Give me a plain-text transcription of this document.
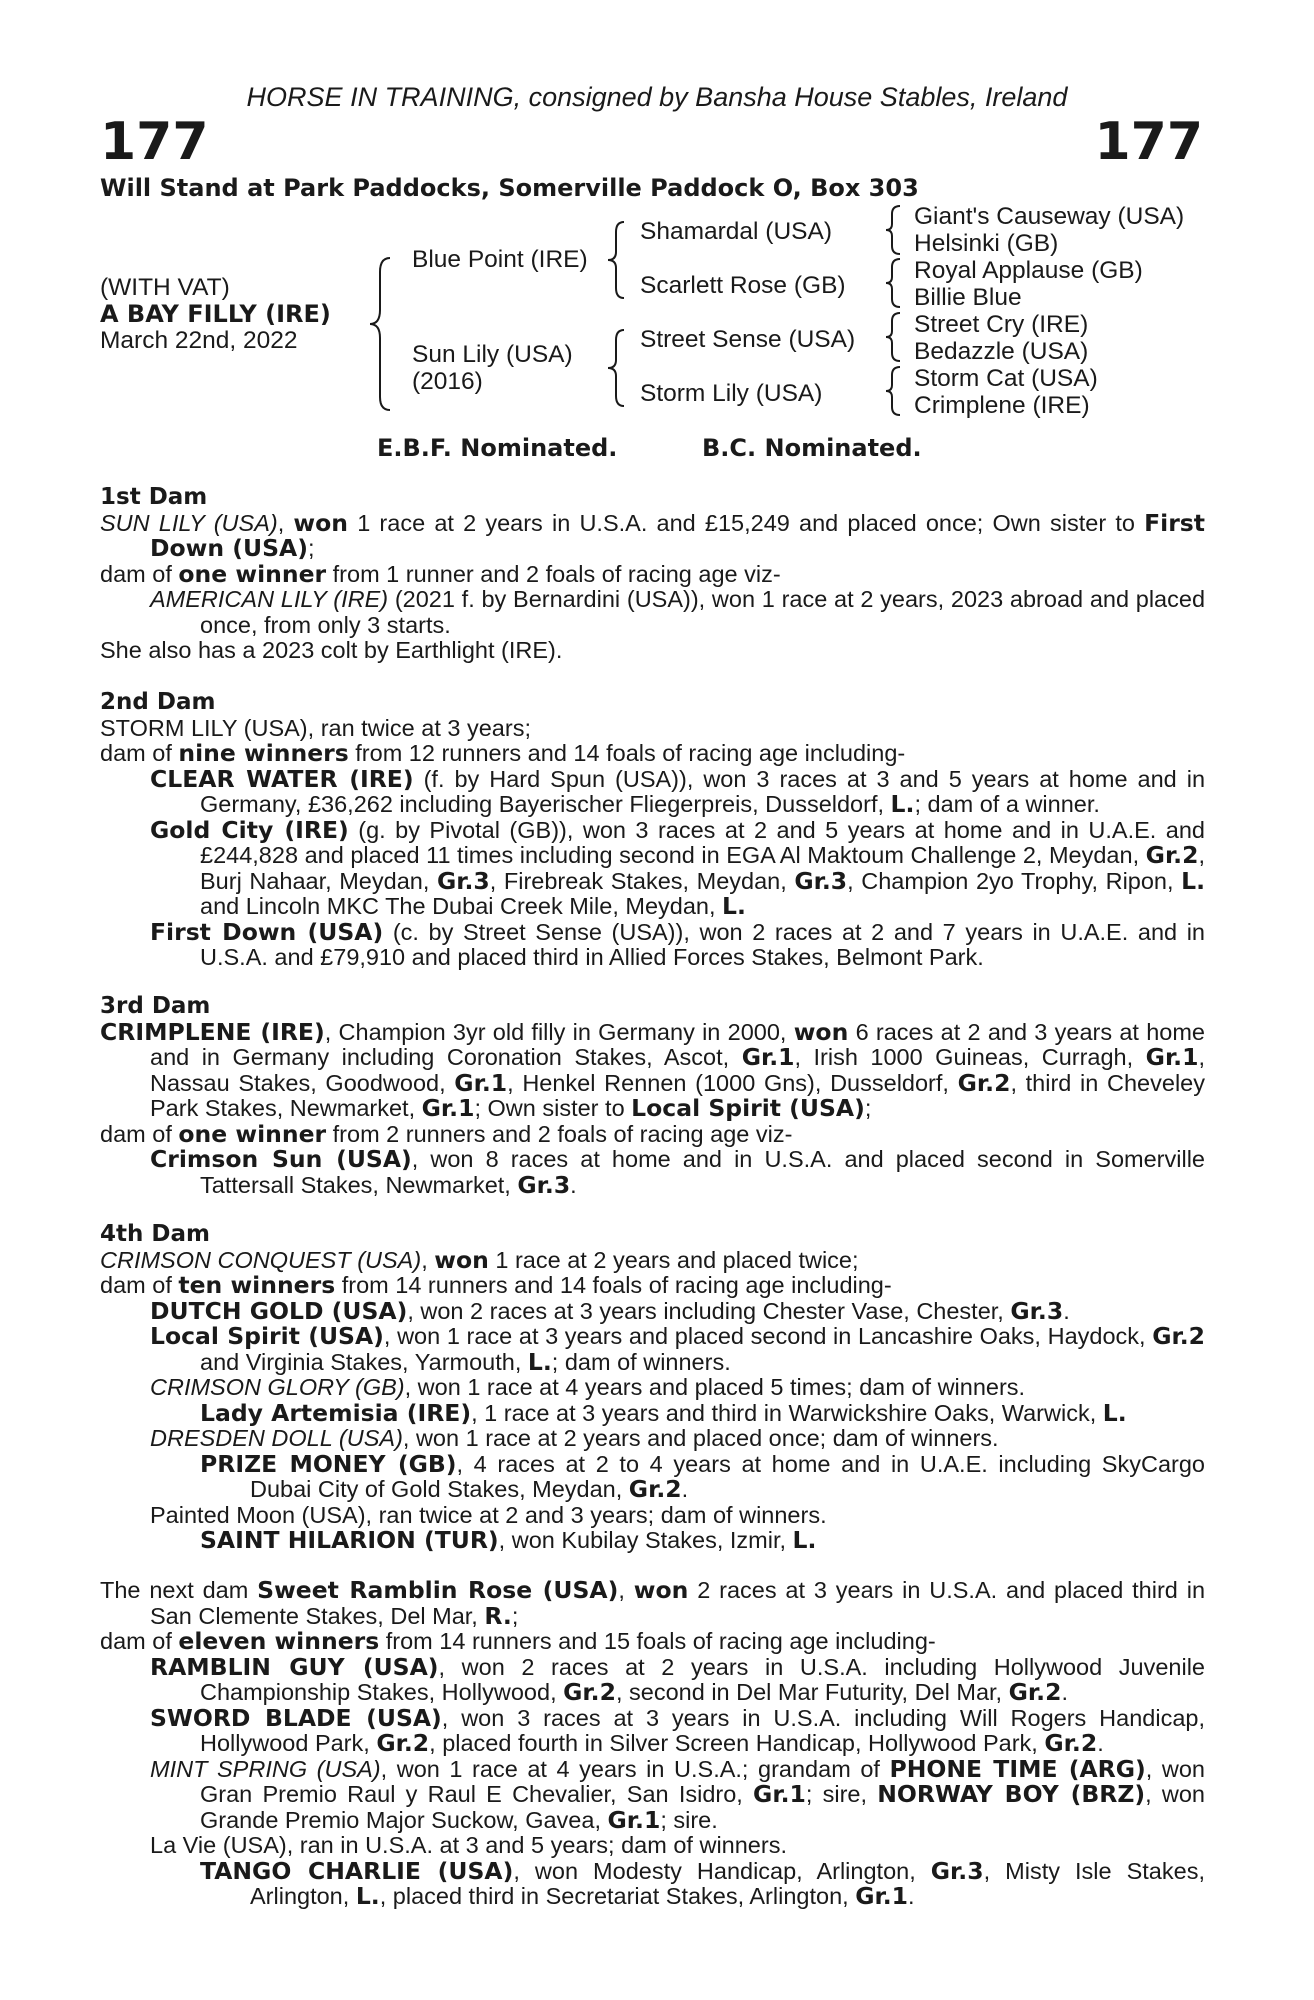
HORSE IN TRAINING, consigned by Bansha House Stables, Ireland
177	177
Will Stand at Park Paddocks, Somerville Paddock O, Box 303
(WITH VAT)
A BAY FILLY (IRE)
March 22nd, 2022
Blue Point (IRE)
Sun Lily (USA)
(2016)
Shamardal (USA)
Scarlett Rose (GB)
Street Sense (USA)
Storm Lily (USA)
Giant's Causeway (USA)
Helsinki (GB)
Royal Applause (GB)
Billie Blue
Street Cry (IRE)
Bedazzle (USA)
Storm Cat (USA)
Crimplene (IRE)
E.B.F. Nominated.	B.C. Nominated.

1st Dam

SUN LILY (USA), won 1 race at 2 years in U.S.A. and £15,249 and placed once; Own sister to First Down (USA);

dam of one winner from 1 runner and 2 foals of racing age viz-

AMERICAN LILY (IRE) (2021 f. by Bernardini (USA)), won 1 race at 2 years, 2023 abroad and placed once, from only 3 starts.

She also has a 2023 colt by Earthlight (IRE).

2nd Dam

STORM LILY (USA), ran twice at 3 years;

dam of nine winners from 12 runners and 14 foals of racing age including-

CLEAR WATER (IRE) (f. by Hard Spun (USA)), won 3 races at 3 and 5 years at home and in Germany, £36,262 including Bayerischer Fliegerpreis, Dusseldorf, L.; dam of a winner.

Gold City (IRE) (g. by Pivotal (GB)), won 3 races at 2 and 5 years at home and in U.A.E. and £244,828 and placed 11 times including second in EGA Al Maktoum Challenge 2, Meydan, Gr.2, Burj Nahaar, Meydan, Gr.3, Firebreak Stakes, Meydan, Gr.3, Champion 2yo Trophy, Ripon, L. and Lincoln MKC The Dubai Creek Mile, Meydan, L.

First Down (USA) (c. by Street Sense (USA)), won 2 races at 2 and 7 years in U.A.E. and in U.S.A. and £79,910 and placed third in Allied Forces Stakes, Belmont Park.

3rd Dam

CRIMPLENE (IRE), Champion 3yr old filly in Germany in 2000, won 6 races at 2 and 3 years at home and in Germany including Coronation Stakes, Ascot, Gr.1, Irish 1000 Guineas, Curragh, Gr.1, Nassau Stakes, Goodwood, Gr.1, Henkel Rennen (1000 Gns), Dusseldorf, Gr.2, third in Cheveley Park Stakes, Newmarket, Gr.1; Own sister to Local Spirit (USA);

dam of one winner from 2 runners and 2 foals of racing age viz-

Crimson Sun (USA), won 8 races at home and in U.S.A. and placed second in Somerville Tattersall Stakes, Newmarket, Gr.3.

4th Dam

CRIMSON CONQUEST (USA), won 1 race at 2 years and placed twice;

dam of ten winners from 14 runners and 14 foals of racing age including-

DUTCH GOLD (USA), won 2 races at 3 years including Chester Vase, Chester, Gr.3.

Local Spirit (USA), won 1 race at 3 years and placed second in Lancashire Oaks, Haydock, Gr.2 and Virginia Stakes, Yarmouth, L.; dam of winners.

CRIMSON GLORY (GB), won 1 race at 4 years and placed 5 times; dam of winners.

Lady Artemisia (IRE), 1 race at 3 years and third in Warwickshire Oaks, Warwick, L.

DRESDEN DOLL (USA), won 1 race at 2 years and placed once; dam of winners.

PRIZE MONEY (GB), 4 races at 2 to 4 years at home and in U.A.E. including SkyCargo Dubai City of Gold Stakes, Meydan, Gr.2.

Painted Moon (USA), ran twice at 2 and 3 years; dam of winners.

SAINT HILARION (TUR), won Kubilay Stakes, Izmir, L.

The next dam Sweet Ramblin Rose (USA), won 2 races at 3 years in U.S.A. and placed third in San Clemente Stakes, Del Mar, R.;

dam of eleven winners from 14 runners and 15 foals of racing age including-

RAMBLIN GUY (USA), won 2 races at 2 years in U.S.A. including Hollywood Juvenile Championship Stakes, Hollywood, Gr.2, second in Del Mar Futurity, Del Mar, Gr.2.

SWORD BLADE (USA), won 3 races at 3 years in U.S.A. including Will Rogers Handicap, Hollywood Park, Gr.2, placed fourth in Silver Screen Handicap, Hollywood Park, Gr.2.

MINT SPRING (USA), won 1 race at 4 years in U.S.A.; grandam of PHONE TIME (ARG), won Gran Premio Raul y Raul E Chevalier, San Isidro, Gr.1; sire, NORWAY BOY (BRZ), won Grande Premio Major Suckow, Gavea, Gr.1; sire.

La Vie (USA), ran in U.S.A. at 3 and 5 years; dam of winners.

TANGO CHARLIE (USA), won Modesty Handicap, Arlington, Gr.3, Misty Isle Stakes, Arlington, L., placed third in Secretariat Stakes, Arlington, Gr.1.
